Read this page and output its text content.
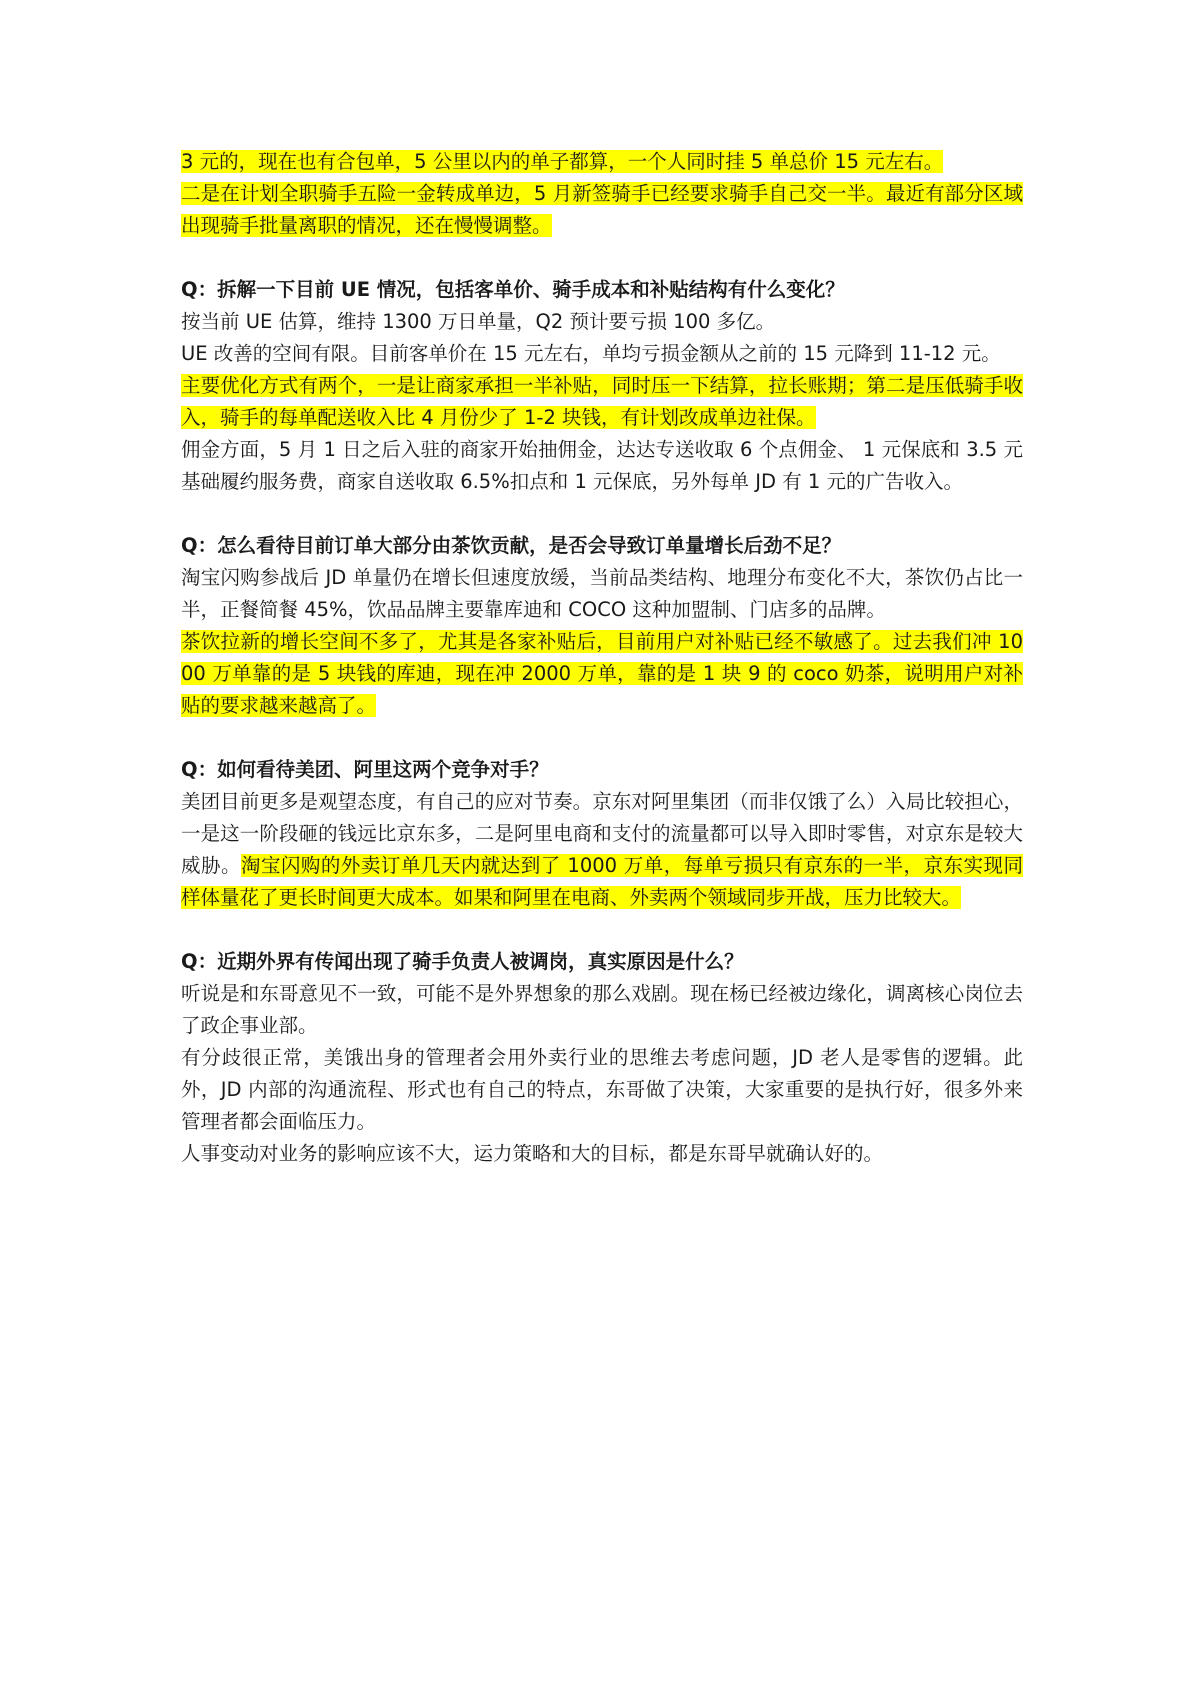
3 元的，现在也有合包单，5 公里以内的单子都算，一个人同时挂 5 单总价 15 元左右。

二是在计划全职骑手五险一金转成单边，5 月新签骑手已经要求骑手自己交一半。最近有部分区域出现骑手批量离职的情况，还在慢慢调整。

Q：拆解一下目前 UE 情况，包括客单价、骑手成本和补贴结构有什么变化？

按当前 UE 估算，维持 1300 万日单量，Q2 预计要亏损 100 多亿。

UE 改善的空间有限。目前客单价在 15 元左右，单均亏损金额从之前的 15 元降到 11-12 元。

主要优化方式有两个，一是让商家承担一半补贴，同时压一下结算，拉长账期；第二是压低骑手收入，骑手的每单配送收入比 4 月份少了 1-2 块钱，有计划改成单边社保。

佣金方面，5 月 1 日之后入驻的商家开始抽佣金，达达专送收取 6 个点佣金、 1 元保底和 3.5 元基础履约服务费，商家自送收取 6.5%扣点和 1 元保底，另外每单 JD 有 1 元的广告收入。

Q：怎么看待目前订单大部分由茶饮贡献，是否会导致订单量增长后劲不足？

淘宝闪购参战后 JD 单量仍在增长但速度放缓，当前品类结构、地理分布变化不大，茶饮仍占比一半，正餐简餐 45%，饮品品牌主要靠库迪和 COCO 这种加盟制、门店多的品牌。

茶饮拉新的增长空间不多了，尤其是各家补贴后，目前用户对补贴已经不敏感了。过去我们冲 1000 万单靠的是 5 块钱的库迪，现在冲 2000 万单，靠的是 1 块 9 的 coco 奶茶，说明用户对补贴的要求越来越高了。

Q：如何看待美团、阿里这两个竞争对手？

美团目前更多是观望态度，有自己的应对节奏。京东对阿里集团（而非仅饿了么）入局比较担心，一是这一阶段砸的钱远比京东多，二是阿里电商和支付的流量都可以导入即时零售，对京东是较大威胁。淘宝闪购的外卖订单几天内就达到了 1000 万单，每单亏损只有京东的一半，京东实现同样体量花了更长时间更大成本。如果和阿里在电商、外卖两个领域同步开战，压力比较大。

Q：近期外界有传闻出现了骑手负责人被调岗，真实原因是什么？

听说是和东哥意见不一致，可能不是外界想象的那么戏剧。现在杨已经被边缘化，调离核心岗位去了政企事业部。

有分歧很正常，美饿出身的管理者会用外卖行业的思维去考虑问题，JD 老人是零售的逻辑。此外，JD 内部的沟通流程、形式也有自己的特点，东哥做了决策，大家重要的是执行好，很多外来管理者都会面临压力。

人事变动对业务的影响应该不大，运力策略和大的目标，都是东哥早就确认好的。
